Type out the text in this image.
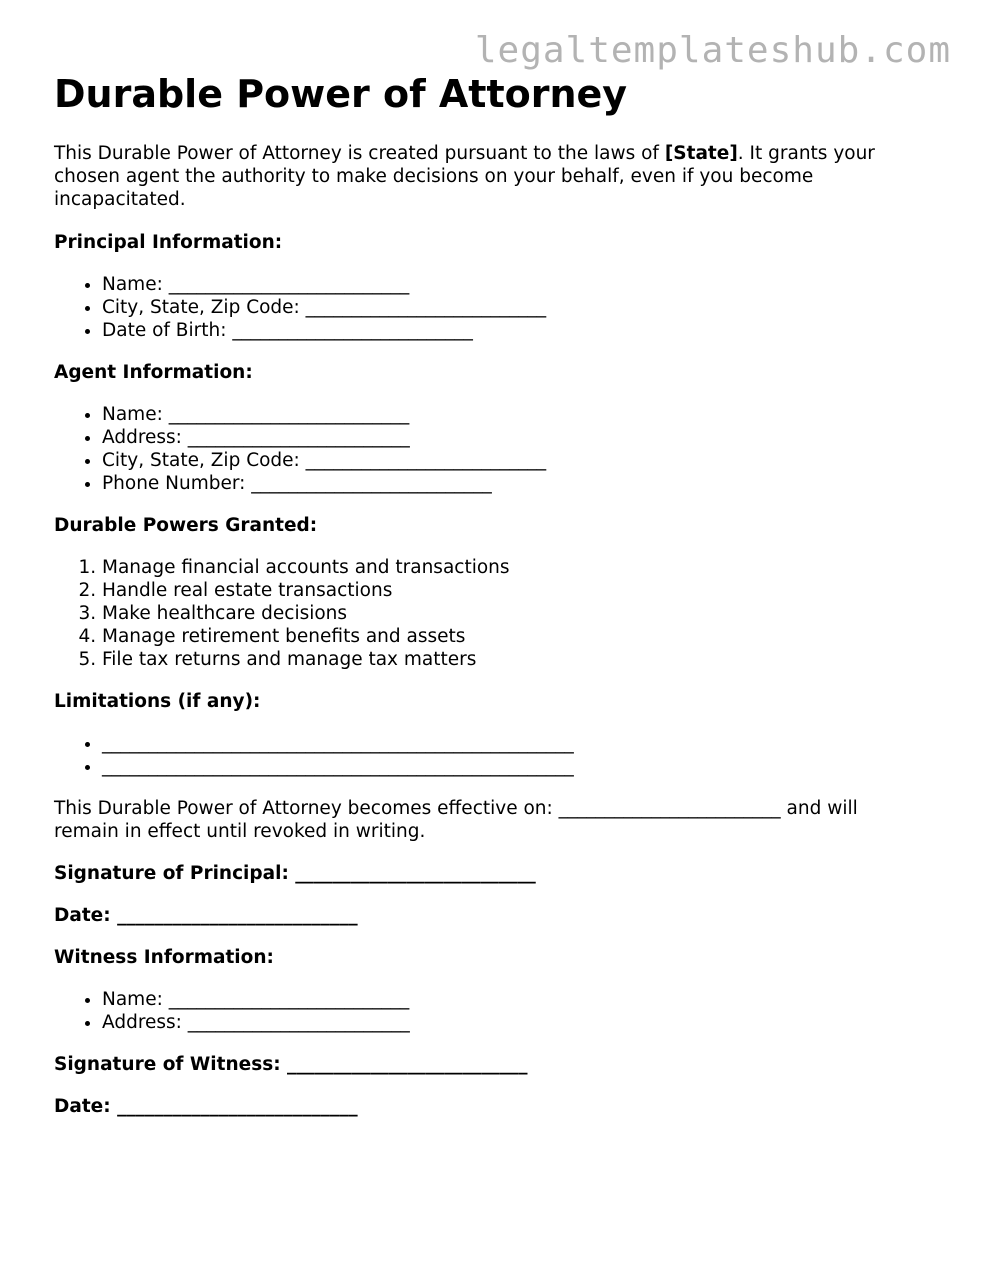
legaltemplateshub.com
Durable Power of Attorney

This Durable Power of Attorney is created pursuant to the laws of [State]. It grants your chosen agent the authority to make decisions on your behalf, even if you become incapacitated.

Principal Information:

• Name: __________________________
• City, State, Zip Code: __________________________
• Date of Birth: __________________________

Agent Information:

• Name: __________________________
• Address: ________________________
• City, State, Zip Code: __________________________
• Phone Number: __________________________

Durable Powers Granted:

1. Manage financial accounts and transactions
2. Handle real estate transactions
3. Make healthcare decisions
4. Manage retirement benefits and assets
5. File tax returns and manage tax matters

Limitations (if any):

• ___________________________________________________
• ___________________________________________________

This Durable Power of Attorney becomes effective on: ________________________ and will remain in effect until revoked in writing.

Signature of Principal: __________________________

Date: __________________________

Witness Information:

• Name: __________________________
• Address: ________________________

Signature of Witness: __________________________

Date: __________________________
